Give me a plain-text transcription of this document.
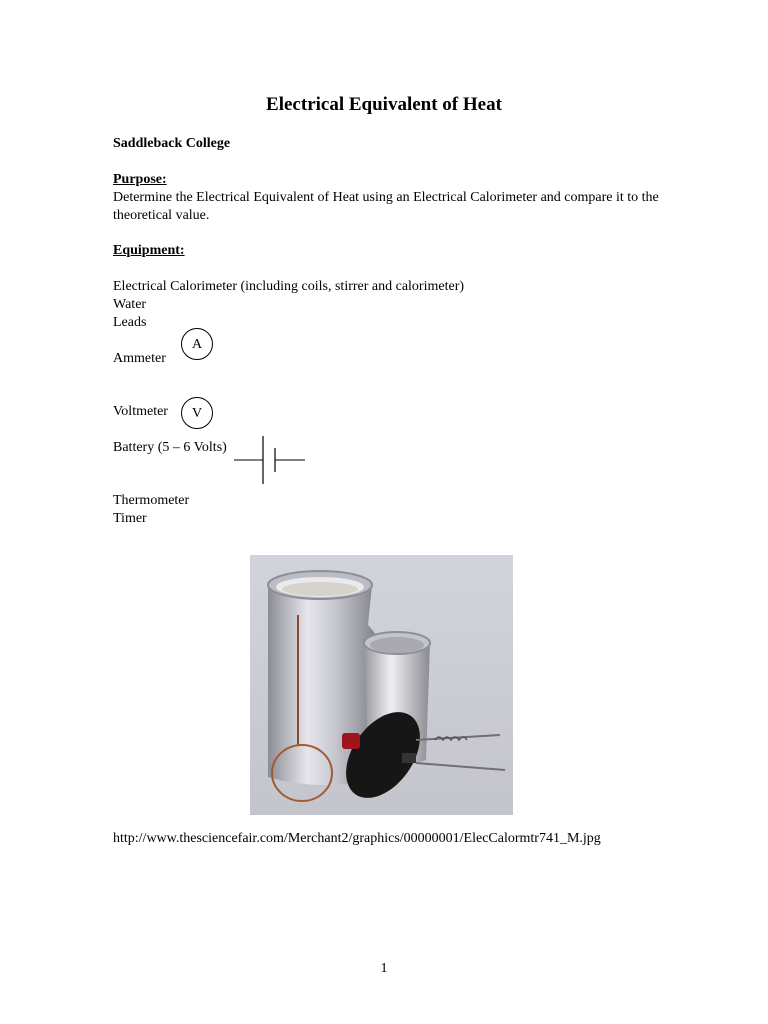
Electrical Equivalent of Heat
Saddleback College
Purpose:
Determine the Electrical Equivalent of Heat using an Electrical Calorimeter and compare it to the
theoretical value.
Equipment:
Electrical Calorimeter (including coils, stirrer and calorimeter)
Water
Leads
Ammeter
A
Voltmeter	V
Battery (5 – 6 Volts)
Thermometer
Timer
http://www.thesciencefair.com/Merchant2/graphics/00000001/ElecCalormtr741_M.jpg
1
